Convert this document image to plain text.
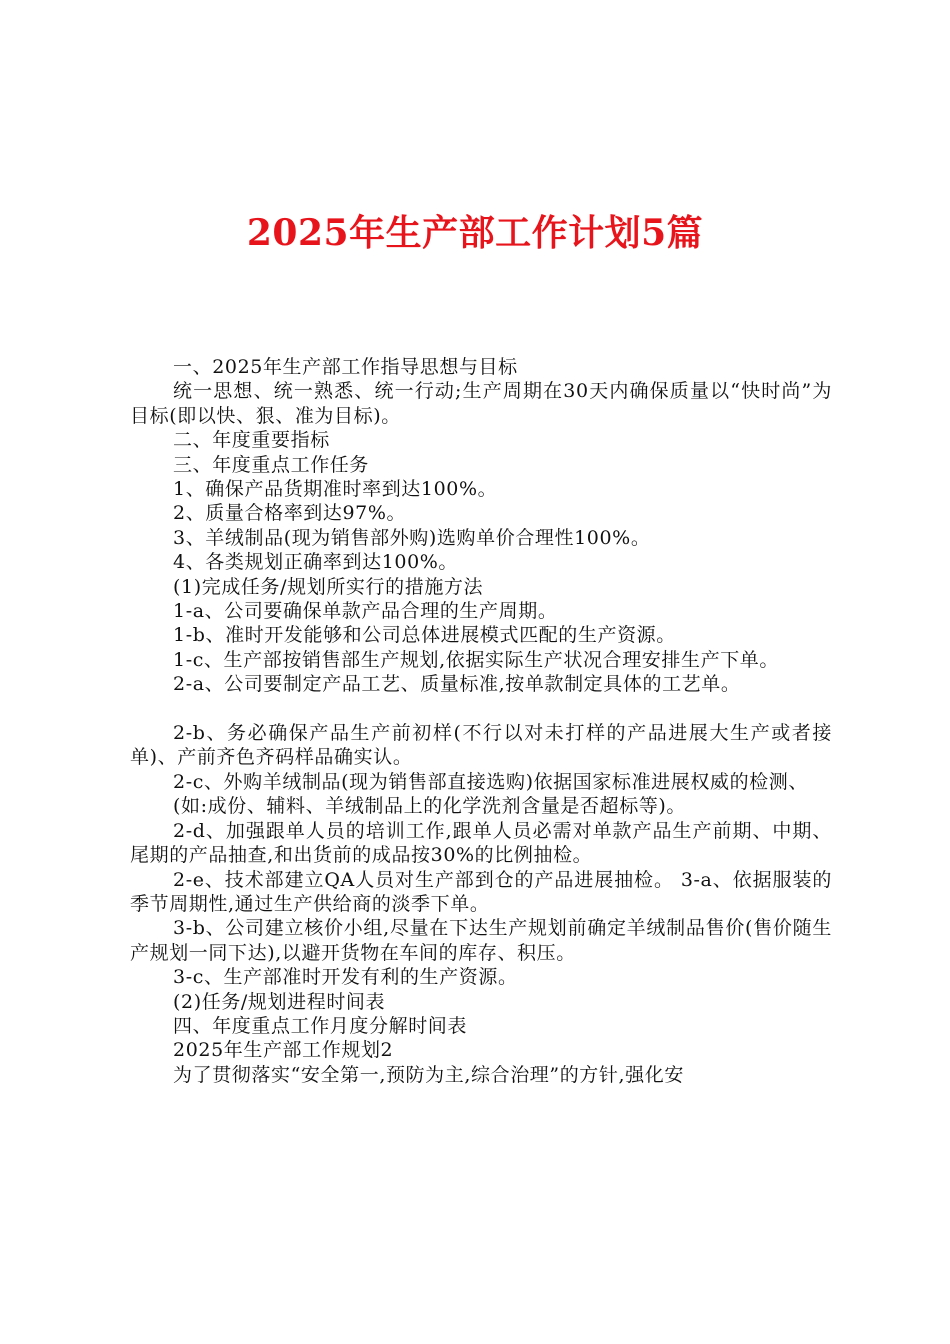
2025年生产部工作计划5篇

一、2025年生产部工作指导思想与目标

统一思想、统一熟悉、统一行动;生产周期在30天内确保质量以“快时尚”为目标(即以快、狠、准为目标)。

二、年度重要指标

三、年度重点工作任务

1、确保产品货期准时率到达100%。

2、质量合格率到达97%。

3、羊绒制品(现为销售部外购)选购单价合理性100%。

4、各类规划正确率到达100%。

(1)完成任务/规划所实行的措施方法

1-a、公司要确保单款产品合理的生产周期。

1-b、准时开发能够和公司总体进展模式匹配的生产资源。

1-c、生产部按销售部生产规划,依据实际生产状况合理安排生产下单。

2-a、公司要制定产品工艺、质量标准,按单款制定具体的工艺单。

2-b、务必确保产品生产前初样(不行以对未打样的产品进展大生产或者接单)、产前齐色齐码样品确实认。

2-c、外购羊绒制品(现为销售部直接选购)依据国家标准进展权威的检测、

(如:成份、辅料、羊绒制品上的化学洗剂含量是否超标等)。

2-d、加强跟单人员的培训工作,跟单人员必需对单款产品生产前期、中期、尾期的产品抽查,和出货前的成品按30%的比例抽检。

2-e、技术部建立QA人员对生产部到仓的产品进展抽检。 3-a、依据服装的季节周期性,通过生产供给商的淡季下单。

3-b、公司建立核价小组,尽量在下达生产规划前确定羊绒制品售价(售价随生产规划一同下达),以避开货物在车间的库存、积压。

3-c、生产部准时开发有利的生产资源。

(2)任务/规划进程时间表

四、年度重点工作月度分解时间表

2025年生产部工作规划2

为了贯彻落实“安全第一,预防为主,综合治理”的方针,强化安
